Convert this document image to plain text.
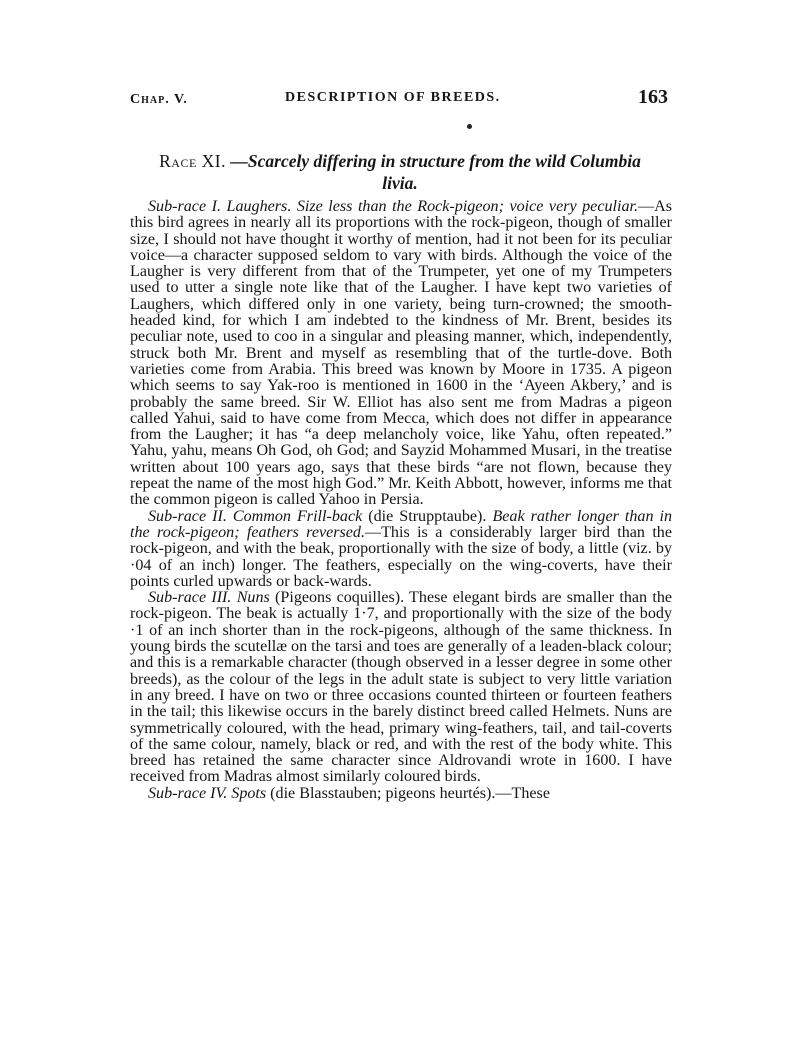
Chap. V.	DESCRIPTION OF BREEDS.	163
Race XI. —Scarcely differing in structure from the wild Columbia livia.

Sub-race I. Laughers. Size less than the Rock-pigeon; voice very peculiar.—As this bird agrees in nearly all its proportions with the rock-pigeon, though of smaller size, I should not have thought it worthy of mention, had it not been for its peculiar voice—a character supposed seldom to vary with birds. Although the voice of the Laugher is very different from that of the Trumpeter, yet one of my Trumpeters used to utter a single note like that of the Laugher. I have kept two varieties of Laughers, which differed only in one variety, being turn-crowned; the smooth-headed kind, for which I am indebted to the kindness of Mr. Brent, besides its peculiar note, used to coo in a singular and pleasing manner, which, independently, struck both Mr. Brent and myself as resembling that of the turtle-dove. Both varieties come from Arabia. This breed was known by Moore in 1735. A pigeon which seems to say Yak-roo is mentioned in 1600 in the ‘Ayeen Akbery,’ and is probably the same breed. Sir W. Elliot has also sent me from Madras a pigeon called Yahui, said to have come from Mecca, which does not differ in appearance from the Laugher; it has “a deep melancholy voice, like Yahu, often repeated.” Yahu, yahu, means Oh God, oh God; and Sayzid Mohammed Musari, in the treatise written about 100 years ago, says that these birds “are not flown, because they repeat the name of the most high God.” Mr. Keith Abbott, however, informs me that the common pigeon is called Yahoo in Persia.

Sub-race II. Common Frill-back (die Strupptaube). Beak rather longer than in the rock-pigeon; feathers reversed.—This is a considerably larger bird than the rock-pigeon, and with the beak, proportionally with the size of body, a little (viz. by ·04 of an inch) longer. The feathers, especially on the wing-coverts, have their points curled upwards or back-wards.

Sub-race III. Nuns (Pigeons coquilles). These elegant birds are smaller than the rock-pigeon. The beak is actually 1·7, and proportionally with the size of the body ·1 of an inch shorter than in the rock-pigeons, although of the same thickness. In young birds the scutellæ on the tarsi and toes are generally of a leaden-black colour; and this is a remarkable character (though observed in a lesser degree in some other breeds), as the colour of the legs in the adult state is subject to very little variation in any breed. I have on two or three occasions counted thirteen or fourteen feathers in the tail; this likewise occurs in the barely distinct breed called Helmets. Nuns are symmetrically coloured, with the head, primary wing-feathers, tail, and tail-coverts of the same colour, namely, black or red, and with the rest of the body white. This breed has retained the same character since Aldrovandi wrote in 1600. I have received from Madras almost similarly coloured birds.

Sub-race IV. Spots (die Blasstauben; pigeons heurtés).—These
